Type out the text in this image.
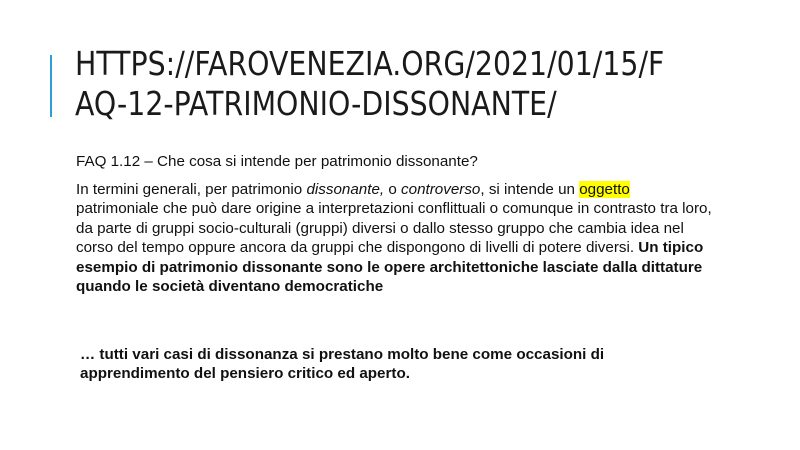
HTTPS://FAROVENEZIA.ORG/2021/01/15/FAQ-12-PATRIMONIO-DISSONANTE/

FAQ 1.12 – Che cosa si intende per patrimonio dissonante?

In termini generali, per patrimonio dissonante, o controverso, si intende un oggetto patrimoniale che può dare origine a interpretazioni conflittuali o comunque in contrasto tra loro, da parte di gruppi socio-culturali (gruppi) diversi o dallo stesso gruppo che cambia idea nel corso del tempo oppure ancora da gruppi che dispongono di livelli di potere diversi. Un tipico esempio di patrimonio dissonante sono le opere architettoniche lasciate dalla dittature quando le società diventano democratiche

… tutti vari casi di dissonanza si prestano molto bene come occasioni di apprendimento del pensiero critico ed aperto.
